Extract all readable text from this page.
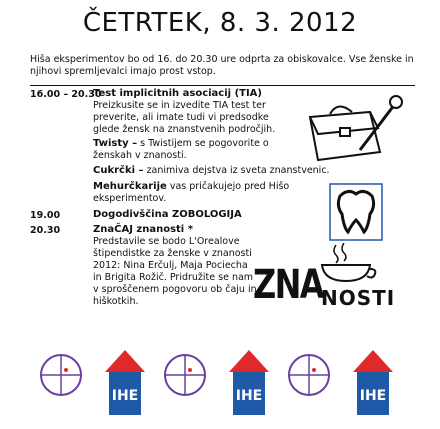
ČETRTEK, 8. 3. 2012
Hiša eksperimentov bo od 16. do 20.30 ure odprta za obiskovalce. Vse ženske in njihovi spremljevalci imajo prost vstop.
16.00 – 20.30
Test implicitnih asociacij (TIA)
Preizkusite se in izvedite TIA test ter preverite, ali imate tudi vi predsodke glede žensk na znanstvenih področjih.
Twisty – s Twistijem se pogovorite o ženskah v znanosti.
Cukrčki – zanimiva dejstva iz sveta znanstvenic.
Mehurčkarije vas pričakujejo pred Hišo eksperimentov.
19.00	Dogodivščina ZOBOLOGIJA
20.30	ZnaČAJ znanosti *
Predstavile se bodo L'Orealove štipendistke za ženske v znanosti 2012: Nina Erčulj, Maja Pociecha in Brigita Rožič. Pridružite se nam v sproščenem pogovoru ob čaju in hiškotkih.	ZNA
NOSTI
IHE	IHE	IHE
